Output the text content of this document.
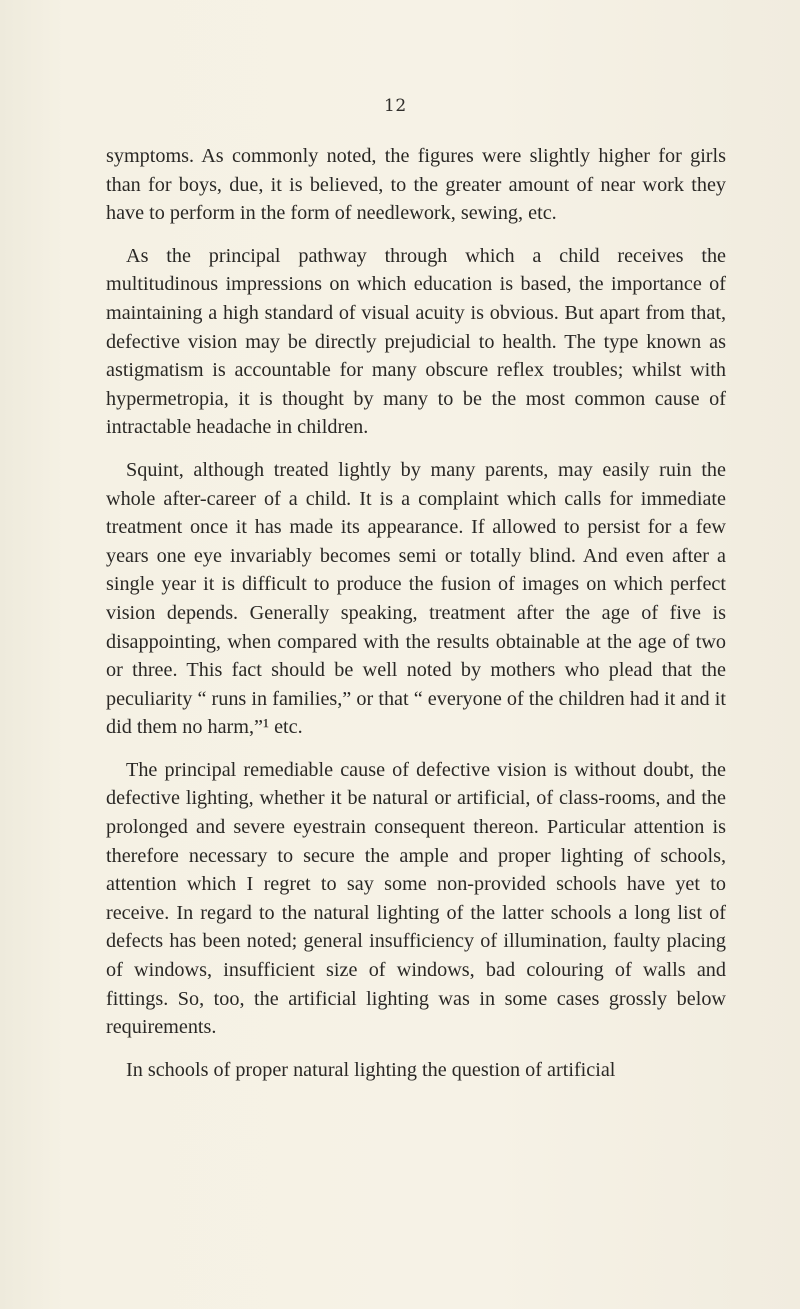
12

symptoms. As commonly noted, the figures were slightly higher for girls than for boys, due, it is believed, to the greater amount of near work they have to perform in the form of needlework, sewing, etc.

As the principal pathway through which a child receives the multitudinous impressions on which education is based, the importance of maintaining a high standard of visual acuity is obvious. But apart from that, defective vision may be directly prejudicial to health. The type known as astigmatism is accountable for many obscure reflex troubles; whilst with hypermetropia, it is thought by many to be the most common cause of intractable headache in children.

Squint, although treated lightly by many parents, may easily ruin the whole after-career of a child. It is a complaint which calls for immediate treatment once it has made its appearance. If allowed to persist for a few years one eye invariably becomes semi or totally blind. And even after a single year it is difficult to produce the fusion of images on which perfect vision depends. Generally speaking, treatment after the age of five is disappointing, when compared with the results obtainable at the age of two or three. This fact should be well noted by mothers who plead that the peculiarity “ runs in families,” or that “ everyone of the children had it and it did them no harm,”¹ etc.

The principal remediable cause of defective vision is without doubt, the defective lighting, whether it be natural or artificial, of class-rooms, and the prolonged and severe eyestrain consequent thereon. Particular attention is therefore necessary to secure the ample and proper lighting of schools, attention which I regret to say some non-provided schools have yet to receive. In regard to the natural lighting of the latter schools a long list of defects has been noted; general insufficiency of illumination, faulty placing of windows, insufficient size of windows, bad colouring of walls and fittings. So, too, the artificial lighting was in some cases grossly below requirements.

In schools of proper natural lighting the question of artificial
